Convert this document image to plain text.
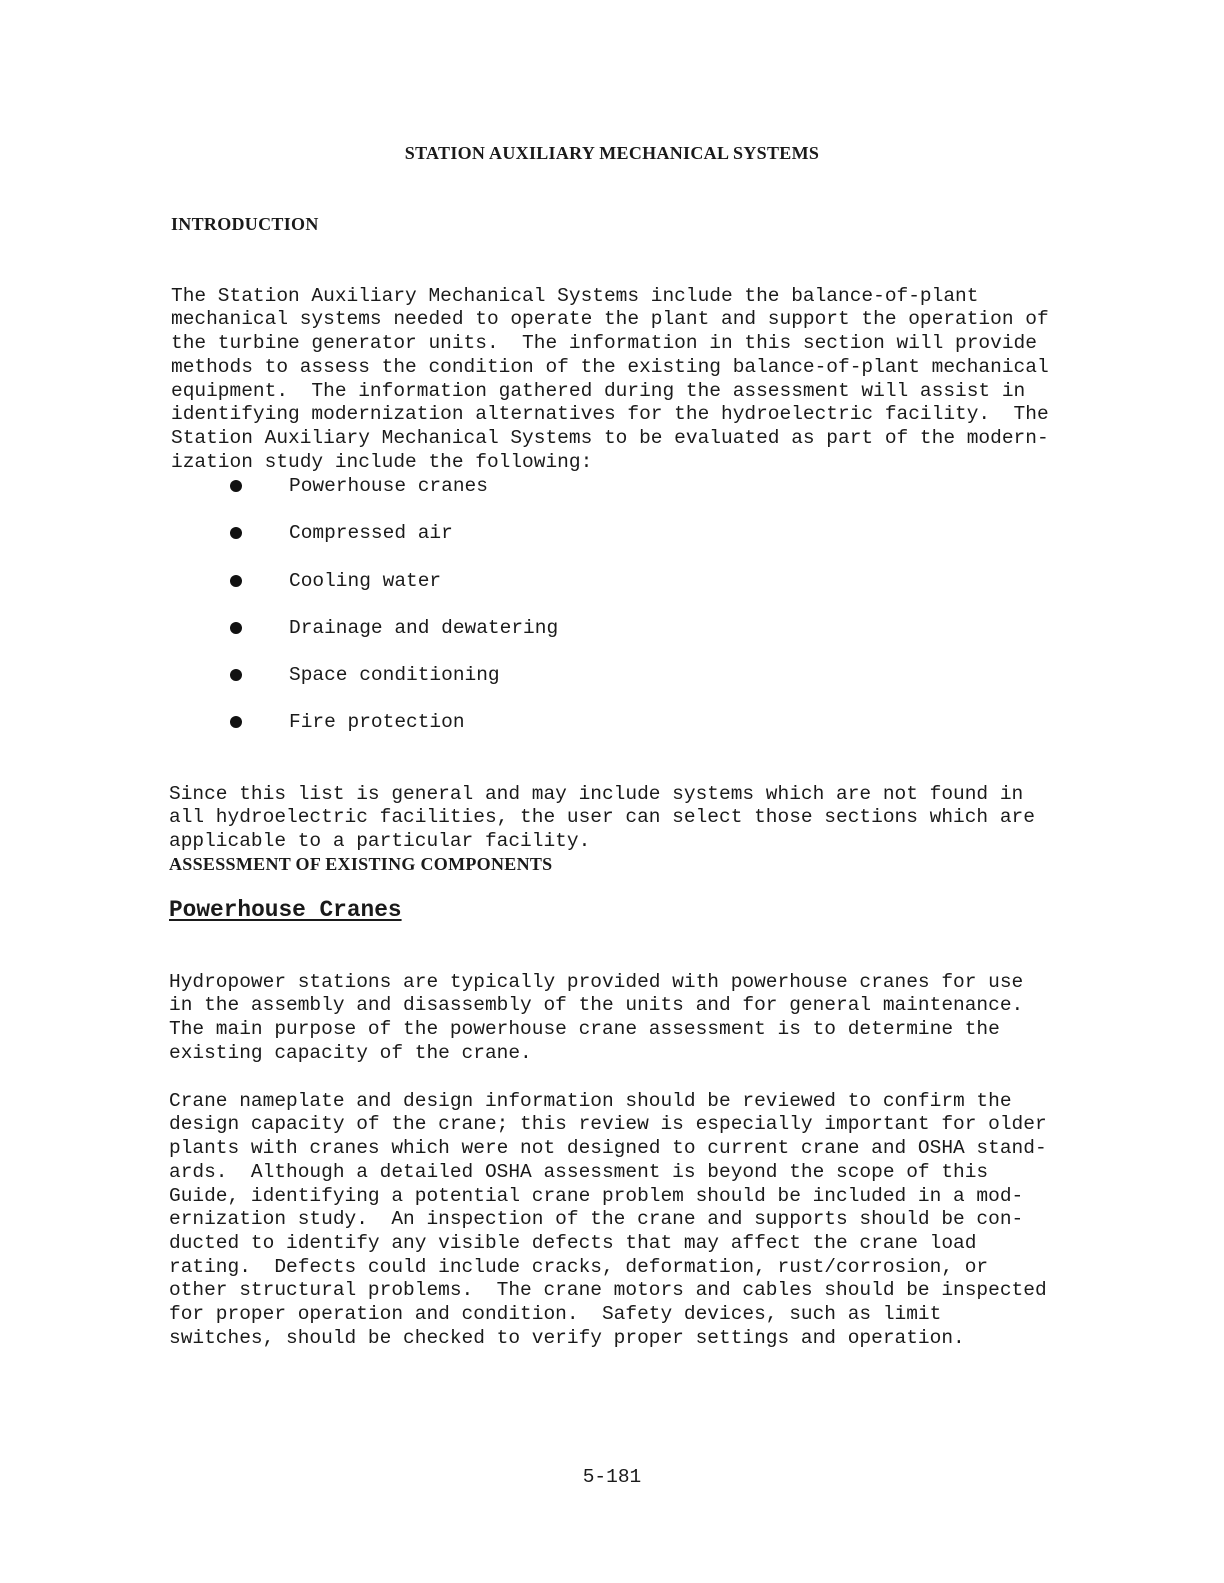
STATION AUXILIARY MECHANICAL SYSTEMS
INTRODUCTION

The Station Auxiliary Mechanical Systems include the balance-of-plant
mechanical systems needed to operate the plant and support the operation of
the turbine generator units.  The information in this section will provide
methods to assess the condition of the existing balance-of-plant mechanical
equipment.  The information gathered during the assessment will assist in
identifying modernization alternatives for the hydroelectric facility.  The
Station Auxiliary Mechanical Systems to be evaluated as part of the modern-
ization study include the following:

Powerhouse cranes
Compressed air
Cooling water
Drainage and dewatering
Space conditioning
Fire protection

Since this list is general and may include systems which are not found in
all hydroelectric facilities, the user can select those sections which are
applicable to a particular facility.

ASSESSMENT OF EXISTING COMPONENTS
Powerhouse Cranes

Hydropower stations are typically provided with powerhouse cranes for use
in the assembly and disassembly of the units and for general maintenance.
The main purpose of the powerhouse crane assessment is to determine the
existing capacity of the crane.

Crane nameplate and design information should be reviewed to confirm the
design capacity of the crane; this review is especially important for older
plants with cranes which were not designed to current crane and OSHA stand-
ards.  Although a detailed OSHA assessment is beyond the scope of this
Guide, identifying a potential crane problem should be included in a mod-
ernization study.  An inspection of the crane and supports should be con-
ducted to identify any visible defects that may affect the crane load
rating.  Defects could include cracks, deformation, rust/corrosion, or
other structural problems.  The crane motors and cables should be inspected
for proper operation and condition.  Safety devices, such as limit
switches, should be checked to verify proper settings and operation.

5-181
